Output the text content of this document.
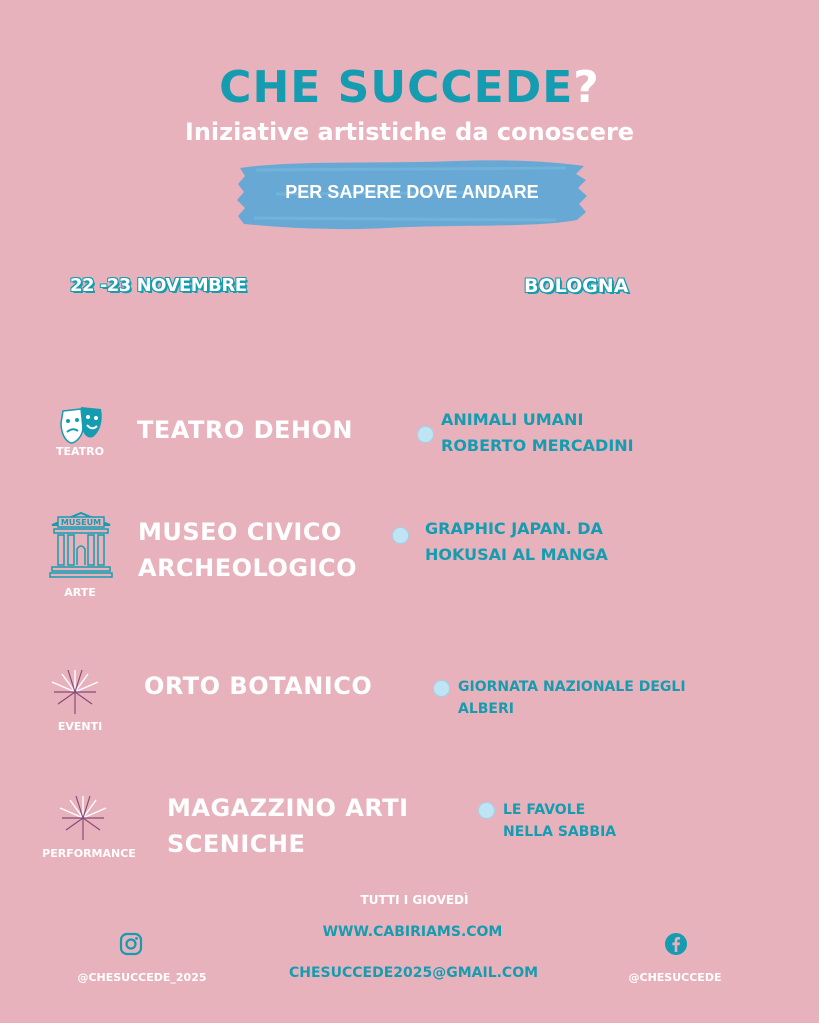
CHE SUCCEDE?
Iniziative artistiche da conoscere
PER SAPERE DOVE ANDARE
22 -23 NOVEMBRE	BOLOGNA
TEATRO
TEATRO DEHON	ANIMALI UMANI
ROBERTO MERCADINI
MUSEUM
ARTE
MUSEO CIVICO
ARCHEOLOGICO
GRAPHIC JAPAN. DA
HOKUSAI AL MANGA
EVENTI
ORTO BOTANICO	GIORNATA NAZIONALE DEGLI
ALBERI
PERFORMANCE
MAGAZZINO ARTI
SCENICHE
LE FAVOLE
NELLA SABBIA
TUTTI I GIOVEDÌ
WWW.CABIRIAMS.COM
CHESUCCEDE2025@GMAIL.COM
@CHESUCCEDE_2025	@CHESUCCEDE
